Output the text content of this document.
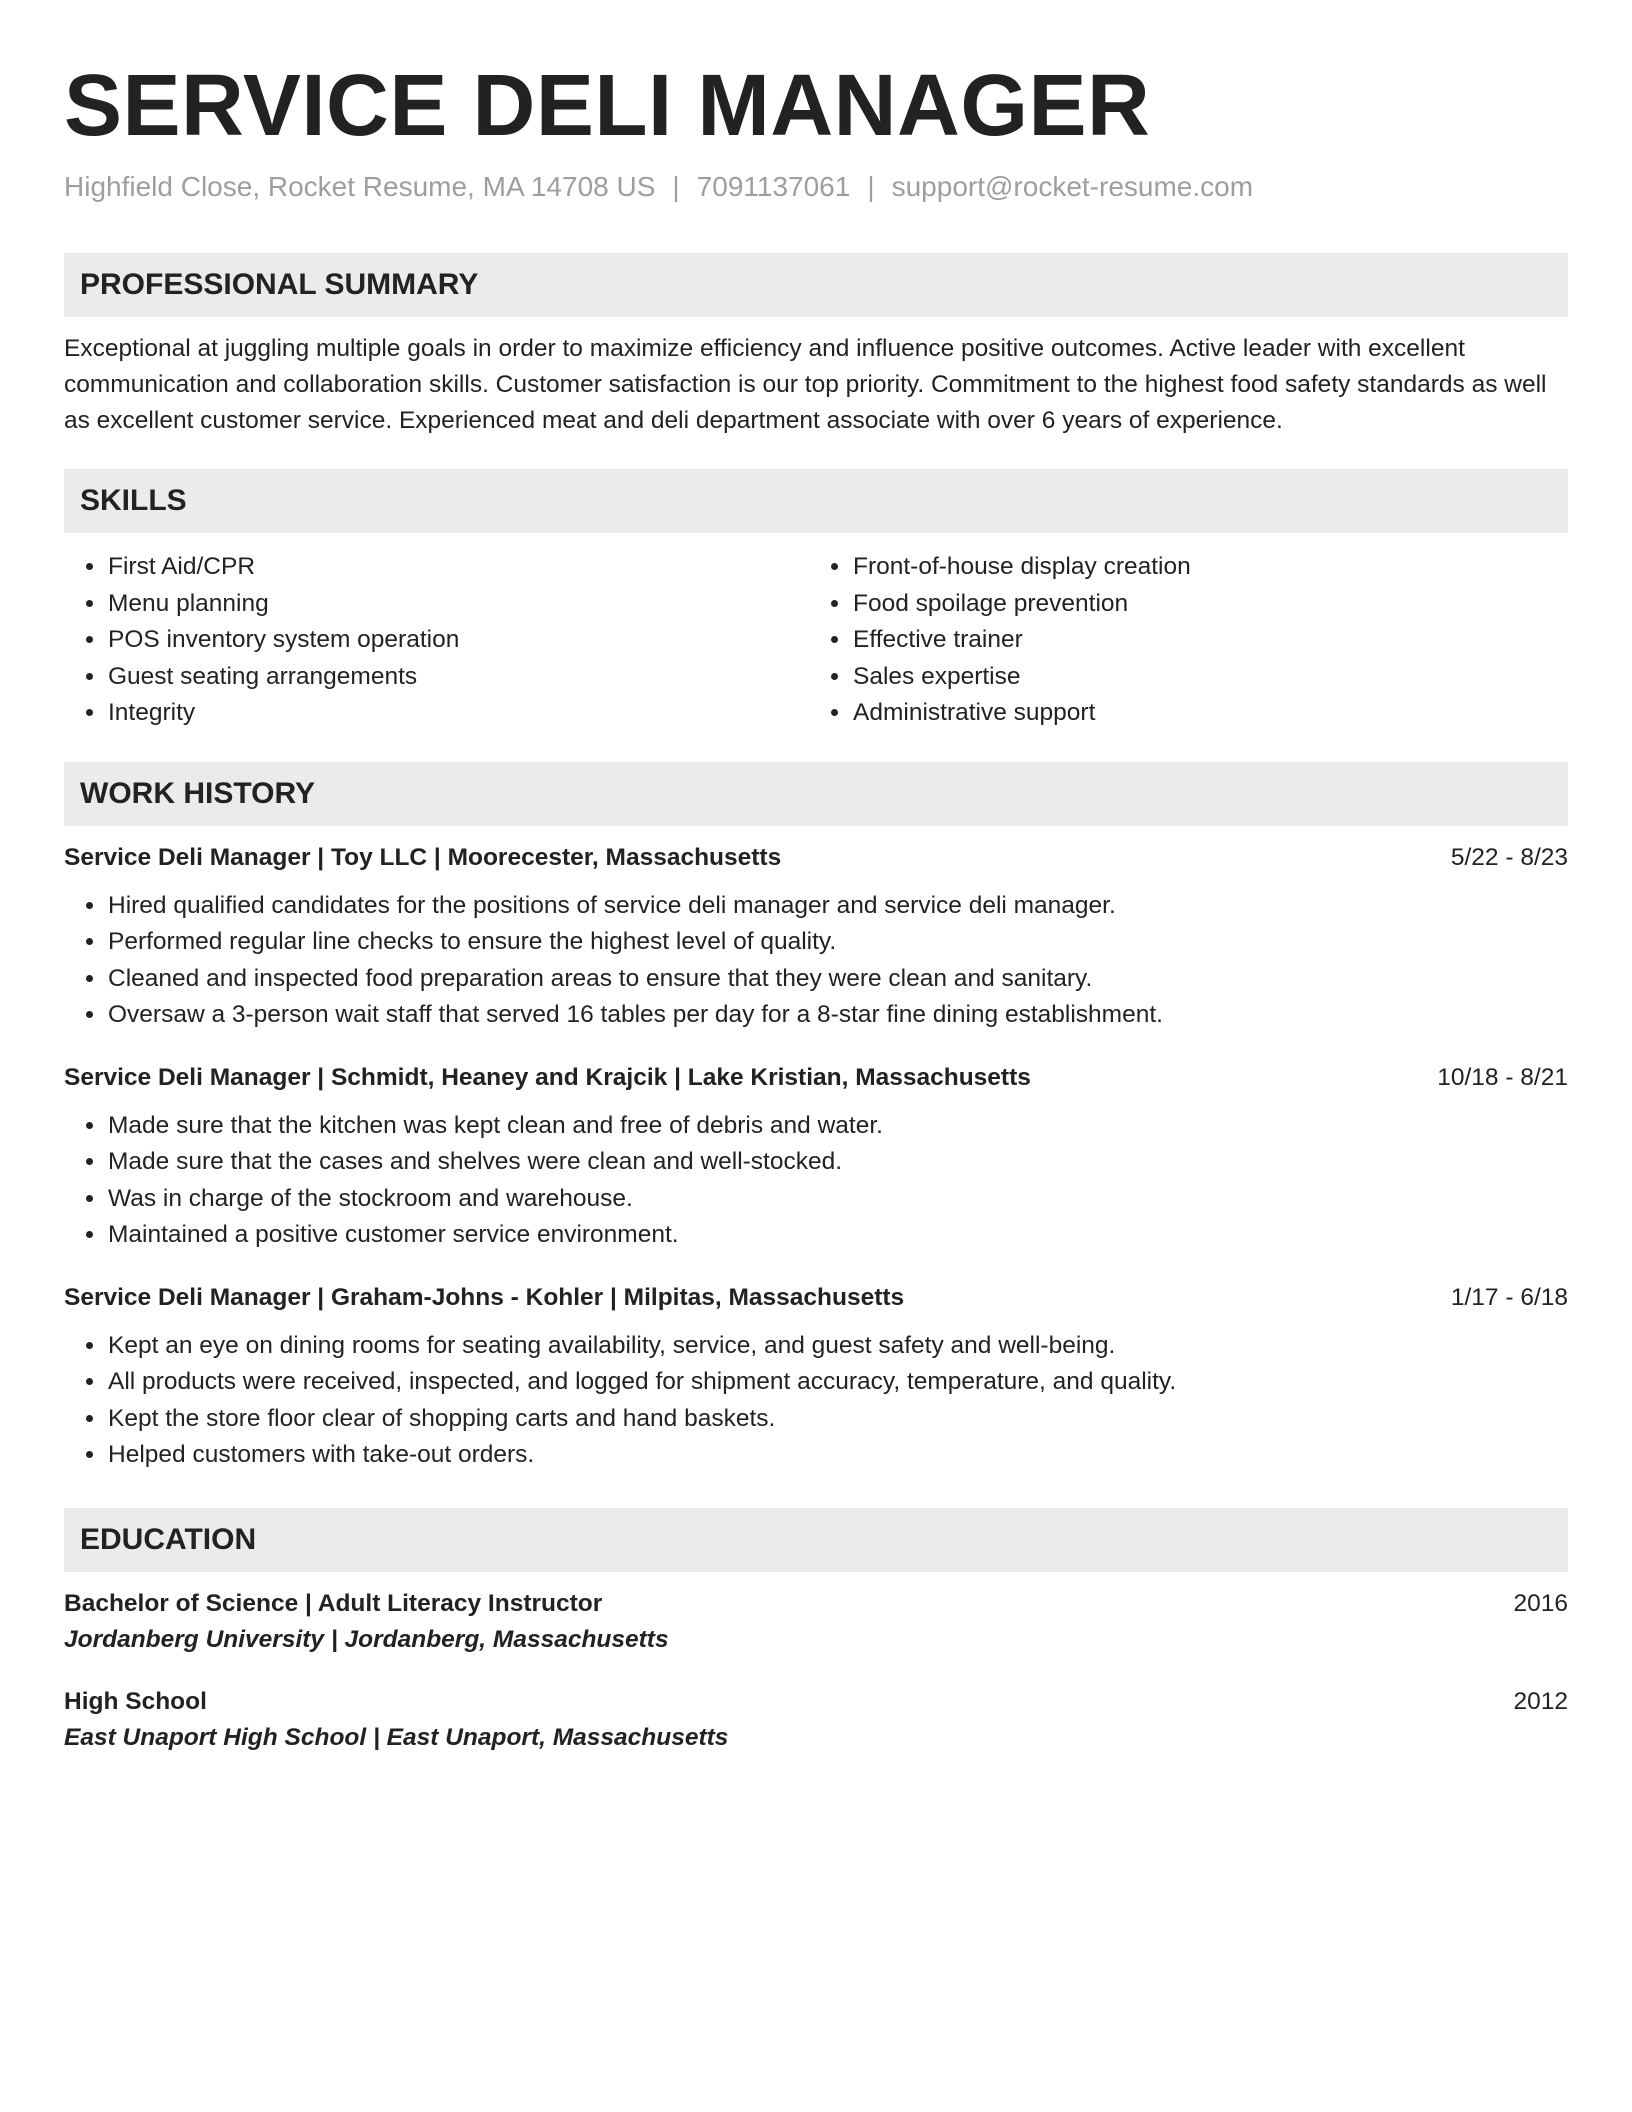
SERVICE DELI MANAGER
Highfield Close, Rocket Resume, MA 14708 US | 7091137061 | support@rocket-resume.com
PROFESSIONAL SUMMARY

Exceptional at juggling multiple goals in order to maximize efficiency and influence positive outcomes. Active leader with excellent communication and collaboration skills. Customer satisfaction is our top priority. Commitment to the highest food safety standards as well as excellent customer service. Experienced meat and deli department associate with over 6 years of experience.

SKILLS
• First Aid/CPR
• Menu planning
• POS inventory system operation
• Guest seating arrangements
• Integrity
• Front-of-house display creation
• Food spoilage prevention
• Effective trainer
• Sales expertise
• Administrative support
WORK HISTORY
Service Deli Manager | Toy LLC | Moorecester, Massachusetts	5/22 - 8/23
• Hired qualified candidates for the positions of service deli manager and service deli manager.
• Performed regular line checks to ensure the highest level of quality.
• Cleaned and inspected food preparation areas to ensure that they were clean and sanitary.
• Oversaw a 3-person wait staff that served 16 tables per day for a 8-star fine dining establishment.
Service Deli Manager | Schmidt, Heaney and Krajcik | Lake Kristian, Massachusetts	10/18 - 8/21
• Made sure that the kitchen was kept clean and free of debris and water.
• Made sure that the cases and shelves were clean and well-stocked.
• Was in charge of the stockroom and warehouse.
• Maintained a positive customer service environment.
Service Deli Manager | Graham-Johns - Kohler | Milpitas, Massachusetts	1/17 - 6/18
• Kept an eye on dining rooms for seating availability, service, and guest safety and well-being.
• All products were received, inspected, and logged for shipment accuracy, temperature, and quality.
• Kept the store floor clear of shopping carts and hand baskets.
• Helped customers with take-out orders.
EDUCATION
Bachelor of Science | Adult Literacy Instructor	2016
Jordanberg University | Jordanberg, Massachusetts
High School	2012
East Unaport High School | East Unaport, Massachusetts
